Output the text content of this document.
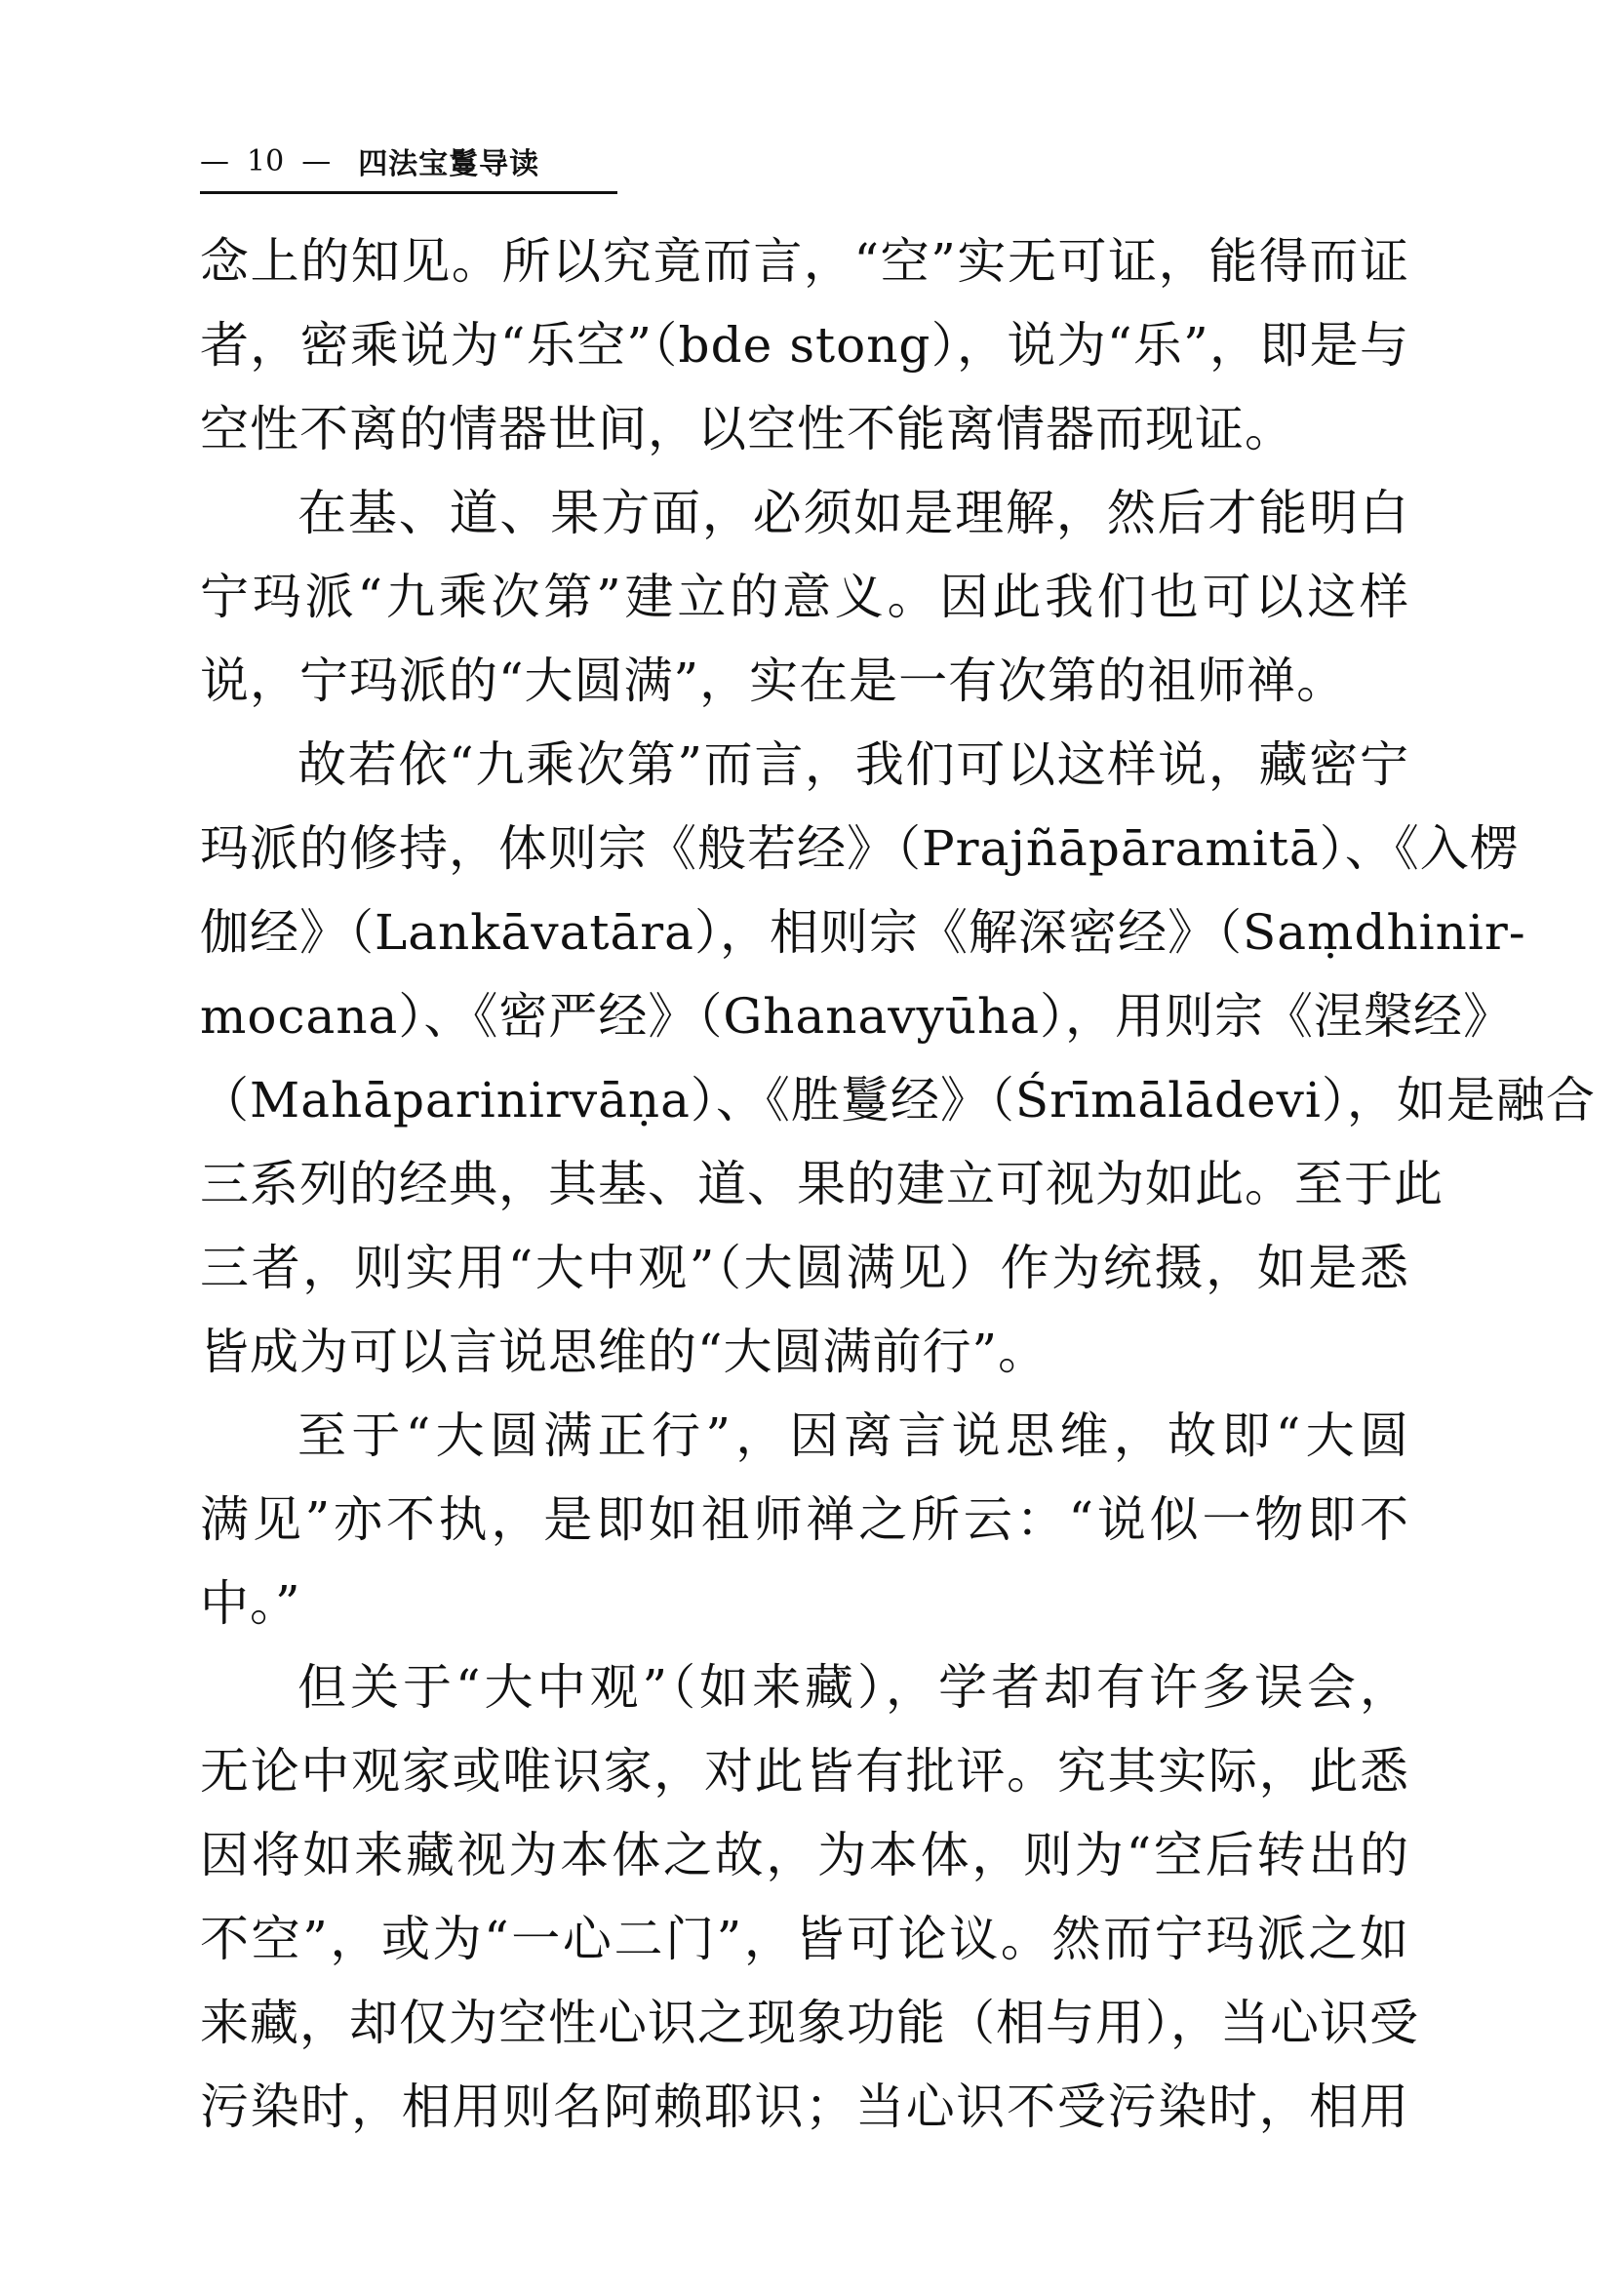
— 10 — 四法宝鬘导读
念上的知见。所以究竟而言，“空”实无可证，能得而证
者，密乘说为“乐空”（bde stong），说为“乐”，即是与
空性不离的情器世间，以空性不能离情器而现证。
在基、道、果方面，必须如是理解，然后才能明白
宁玛派“九乘次第”建立的意义。因此我们也可以这样
说，宁玛派的“大圆满”，实在是一有次第的祖师禅。
故若依“九乘次第”而言，我们可以这样说，藏密宁
玛派的修持，体则宗《般若经》（Prajñāpāramitā）、《入楞
伽经》（Lankāvatāra），相则宗《解深密经》（Saṃdhinir-
mocana）、《密严经》（Ghanavyūha），用则宗《涅槃经》
（Mahāparinirvāṇa）、《胜鬘经》（Śrīmālādevi），如是融合
三系列的经典，其基、道、果的建立可视为如此。至于此
三者，则实用“大中观”（大圆满见）作为统摄，如是悉
皆成为可以言说思维的“大圆满前行”。
至于“大圆满正行”，因离言说思维，故即“大圆
满见”亦不执，是即如祖师禅之所云：“说似一物即不
中。”
但关于“大中观”（如来藏），学者却有许多误会，
无论中观家或唯识家，对此皆有批评。究其实际，此悉
因将如来藏视为本体之故，为本体，则为“空后转出的
不空”，或为“一心二门”，皆可论议。然而宁玛派之如
来藏，却仅为空性心识之现象功能（相与用），当心识受
污染时，相用则名阿赖耶识；当心识不受污染时，相用
